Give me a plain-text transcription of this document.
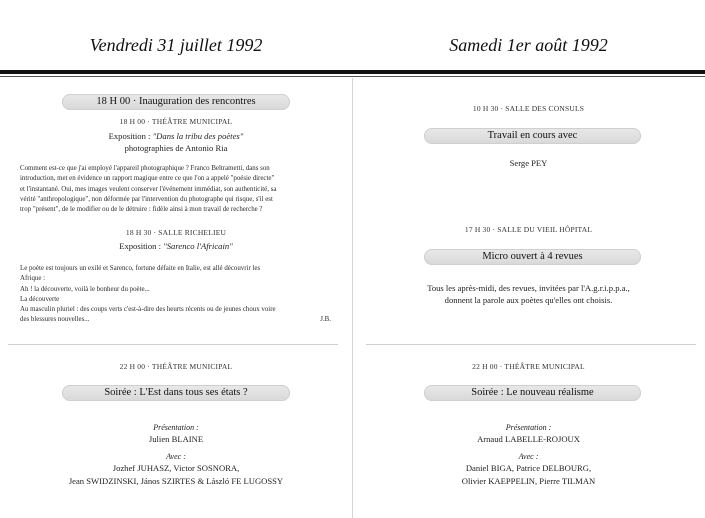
Vendredi 31 juillet 1992	Samedi 1er août 1992
18 H 00 · Inauguration des rencontres
18 H 00 · THÉÂTRE MUNICIPAL
Exposition : "Dans la tribu des poètes"
photographies de Antonio Ria
Comment est-ce que j'ai employé l'appareil photographique ? Franco Beltrametti, dans son
introduction, met en évidence un rapport magique entre ce que l'on a appelé "poésie directe"
et l'instantané. Oui, mes images veulent conserver l'événement immédiat, son authenticité, sa
vérité "anthropologique", non déformée par l'intervention du photographe qui risque, s'il est
trop "présent", de le modifier ou de le détruire : fidèle ainsi à mon travail de recherche ?
18 H 30 · SALLE RICHELIEU
Exposition : "Sarenco l'Africain"
Le poète est toujours un exilé et Sarenco, fortune défaite en Italie, est allé découvrir les
Afrique :
Ah ! la découverte, voilà le bonheur du poète...
La découverte
Au masculin pluriel : des coups verts c'est-à-dire des heurts récents ou de jeunes choux voire
des blessures nouvelles...	J.B.
22 H 00 · THÉÂTRE MUNICIPAL
Soirée : L'Est dans tous ses états ?
Présentation :
Julien BLAINE
Avec :
Jozhef JUHASZ, Victor SOSNORA,
Jean SWIDZINSKI, János SZIRTES & László FE LUGOSSY
10 H 30 · SALLE DES CONSULS
Travail en cours avec
Serge PEY
17 H 30 · SALLE DU VIEIL HÔPITAL
Micro ouvert à 4 revues
Tous les après-midi, des revues, invitées par l'A.g.r.i.p.p.a.,
donnent la parole aux poètes qu'elles ont choisis.
22 H 00 · THÉÂTRE MUNICIPAL
Soirée : Le nouveau réalisme
Présentation :
Arnaud LABELLE-ROJOUX
Avec :
Daniel BIGA, Patrice DELBOURG,
Olivier KAEPPELIN, Pierre TILMAN
